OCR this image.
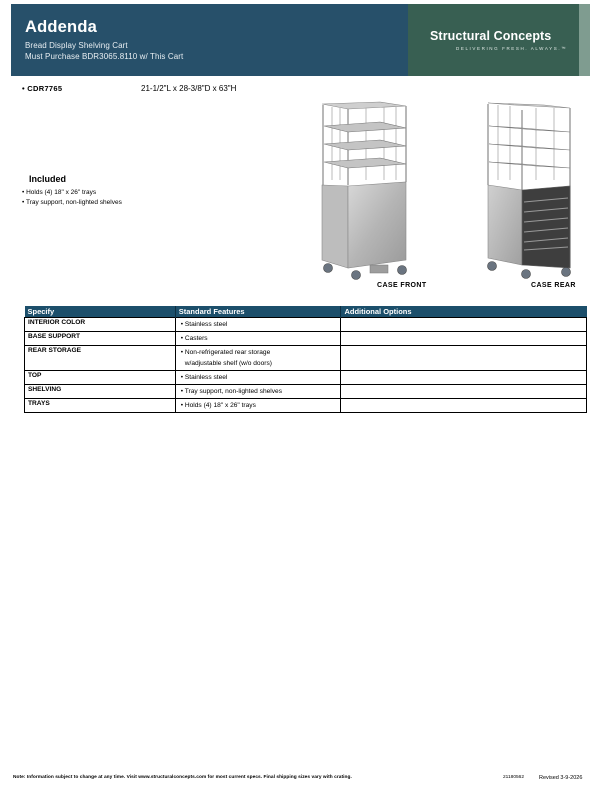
Addenda
Bread Display Shelving Cart
Must Purchase BDR3065.8110 w/ This Cart
Structural Concepts
DELIVERING FRESH. ALWAYS.™
• CDR7765	21-1/2"L x 28-3/8"D x 63"H
Included
• Holds (4) 18" x 26" trays
• Tray support, non-lighted shelves
CASE FRONT	CASE REAR
Specify	Standard Features	Additional Options
INTERIOR COLOR	• Stainless steel	
BASE SUPPORT	• Casters	
REAR STORAGE	• Non-refrigerated rear storage
w/adjustable shelf (w/o doors)	

TOP	• Stainless steel	
SHELVING	• Tray support, non-lighted shelves	
TRAYS	• Holds (4) 18" x 26" trays	
Note: Information subject to change at any time. Visit www.structuralconcepts.com for most current specs. Final shipping sizes vary with crating.	21180562	Revised 3-9-2026
